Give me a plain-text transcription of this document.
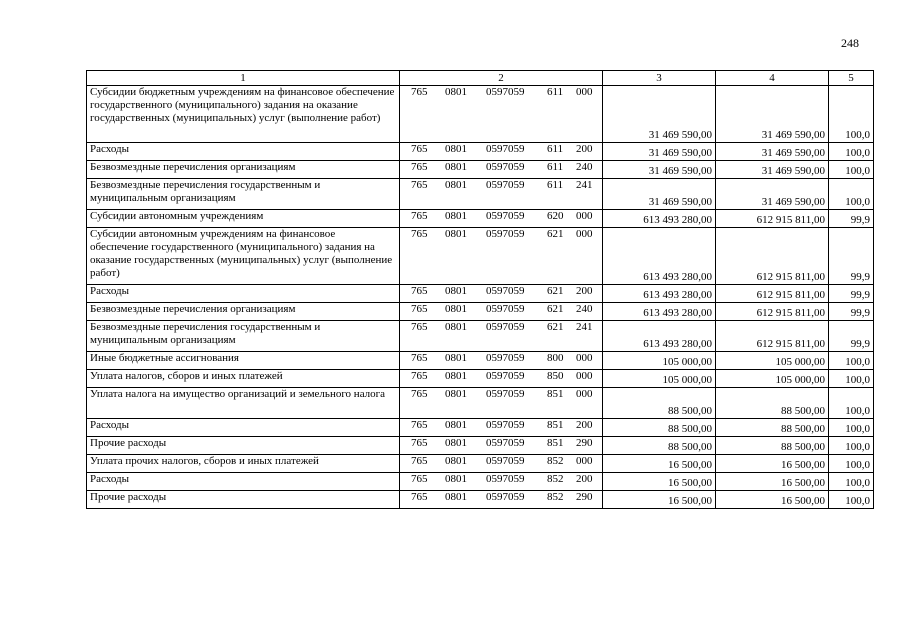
248
1	2	3	4	5
Субсидии бюджетным учреждениям на финансовое обеспечение государственного (муниципального) задания на оказание государственных (муниципальных) услуг (выполнение работ)	765 0801 0597059 611 000	31 469 590,00	31 469 590,00	100,0
Расходы	765 0801 0597059 611 200	31 469 590,00	31 469 590,00	100,0
Безвозмездные перечисления организациям	765 0801 0597059 611 240	31 469 590,00	31 469 590,00	100,0
Безвозмездные перечисления государственным и муниципальным организациям	765 0801 0597059 611 241	31 469 590,00	31 469 590,00	100,0
Субсидии автономным учреждениям	765 0801 0597059 620 000	613 493 280,00	612 915 811,00	99,9
Субсидии автономным учреждениям на финансовое обеспечение государственного (муниципального) задания на оказание государственных (муниципальных) услуг (выполнение работ)	765 0801 0597059 621 000	613 493 280,00	612 915 811,00	99,9
Расходы	765 0801 0597059 621 200	613 493 280,00	612 915 811,00	99,9
Безвозмездные перечисления организациям	765 0801 0597059 621 240	613 493 280,00	612 915 811,00	99,9
Безвозмездные перечисления государственным и муниципальным организациям	765 0801 0597059 621 241	613 493 280,00	612 915 811,00	99,9
Иные бюджетные ассигнования	765 0801 0597059 800 000	105 000,00	105 000,00	100,0
Уплата налогов, сборов и иных платежей	765 0801 0597059 850 000	105 000,00	105 000,00	100,0
Уплата налога на имущество организаций и земельного налога	765 0801 0597059 851 000	88 500,00	88 500,00	100,0
Расходы	765 0801 0597059 851 200	88 500,00	88 500,00	100,0
Прочие расходы	765 0801 0597059 851 290	88 500,00	88 500,00	100,0
Уплата прочих налогов, сборов и иных платежей	765 0801 0597059 852 000	16 500,00	16 500,00	100,0
Расходы	765 0801 0597059 852 200	16 500,00	16 500,00	100,0
Прочие расходы	765 0801 0597059 852 290	16 500,00	16 500,00	100,0
